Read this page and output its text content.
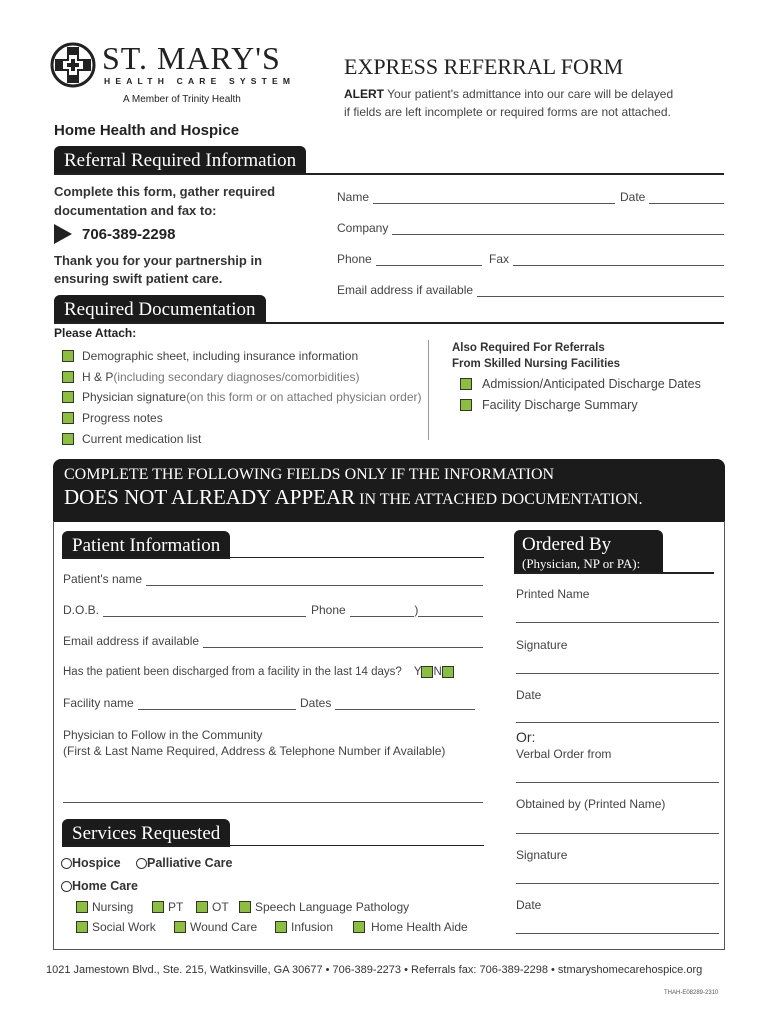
ST. MARY'S
HEALTH CARE SYSTEM
A Member of Trinity Health
EXPRESS REFERRAL FORM
ALERT Your patient's admittance into our care will be delayed
if fields are left incomplete or required forms are not attached.
Home Health and Hospice
Referral Required Information
Complete this form, gather required documentation and fax to:
706-389-2298
Thank you for your partnership in ensuring swift patient care.
Name	Date
Company
Phone	Fax
Email address if available
Required Documentation
Please Attach:
Demographic sheet, including insurance information
H & P (including secondary diagnoses/comorbidities)
Physician signature (on this form or on attached physician order)
Progress notes
Current medication list
Also Required For Referrals
From Skilled Nursing Facilities
Admission/Anticipated Discharge Dates
Facility Discharge Summary
COMPLETE THE FOLLOWING FIELDS ONLY IF THE INFORMATION
DOES NOT ALREADY APPEAR IN THE ATTACHED DOCUMENTATION.
Patient Information
Patient's name
D.O.B.	Phone	)
Email address if available
Has the patient been discharged from a facility in the last 14 days? Y N
Facility name	Dates
Physician to Follow in the Community
(First & Last Name Required, Address & Telephone Number if Available)
Services Requested
Hospice Palliative Care
Home Care
Nursing	PT OT Speech Language Pathology
Social Work	Wound Care	Infusion	Home Health Aide
Ordered By
(Physician, NP or PA):
Printed Name
Signature
Date
Or:
Verbal Order from
Obtained by (Printed Name)
Signature
Date
1021 Jamestown Blvd., Ste. 215, Watkinsville, GA 30677 • 706-389-2273 • Referrals fax: 706-389-2298 • stmaryshomecarehospice.org
THAH-E08289-2310
